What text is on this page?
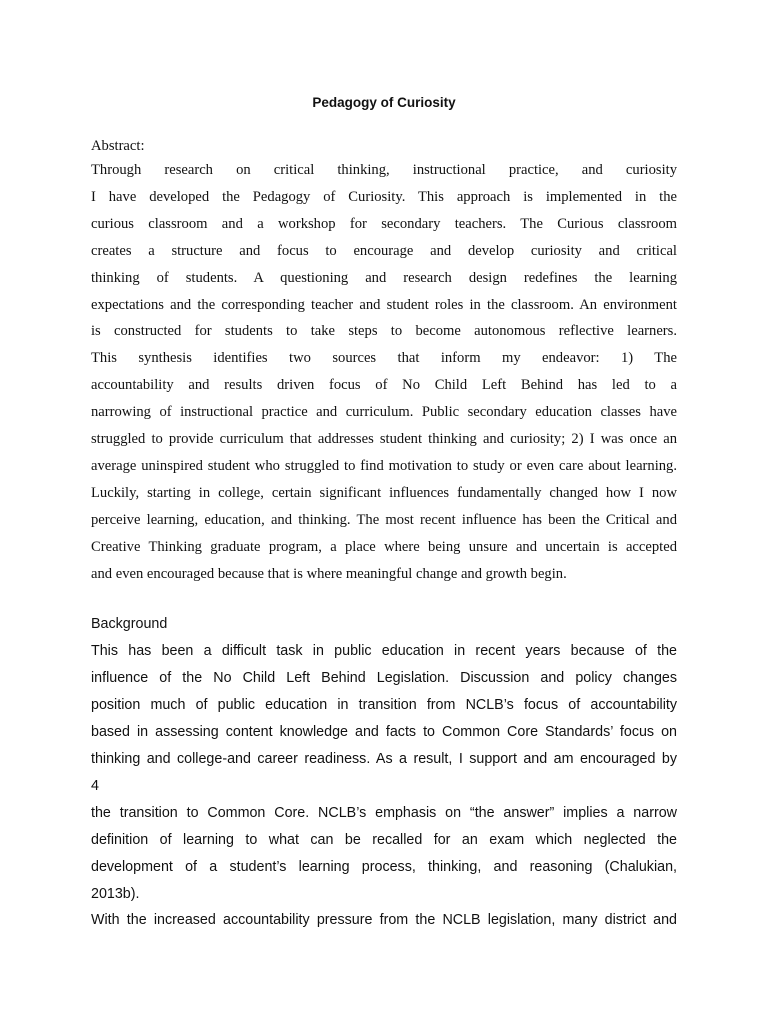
Pedagogy of Curiosity
Abstract:
Through research on critical thinking, instructional practice, and curiosity
I have developed the Pedagogy of Curiosity. This approach is implemented in the
curious classroom and a workshop for secondary teachers. The Curious classroom
creates a structure and focus to encourage and develop curiosity and critical
thinking of students. A questioning and research design redefines the learning
expectations and the corresponding teacher and student roles in the classroom. An environment
is constructed for students to take steps to become autonomous reflective learners.
This synthesis identifies two sources that inform my endeavor: 1) The
accountability and results driven focus of No Child Left Behind has led to a
narrowing of instructional practice and curriculum. Public secondary education classes have
struggled to provide curriculum that addresses student thinking and curiosity; 2) I was once an
average uninspired student who struggled to find motivation to study or even care about learning.
Luckily, starting in college, certain significant influences fundamentally changed how I now
perceive learning, education, and thinking. The most recent influence has been the Critical and
Creative Thinking graduate program, a place where being unsure and uncertain is accepted
and even encouraged because that is where meaningful change and growth begin.
Background
This has been a difficult task in public education in recent years because of the
influence of the No Child Left Behind Legislation. Discussion and policy changes
position much of public education in transition from NCLB’s focus of accountability
based in assessing content knowledge and facts to Common Core Standards’ focus on
thinking and college-and career readiness. As a result, I support and am encouraged by
4
the transition to Common Core. NCLB’s emphasis on “the answer” implies a narrow
definition of learning to what can be recalled for an exam which neglected the
development of a student’s learning process, thinking, and reasoning (Chalukian,
2013b).
With the increased accountability pressure from the NCLB legislation, many district and
